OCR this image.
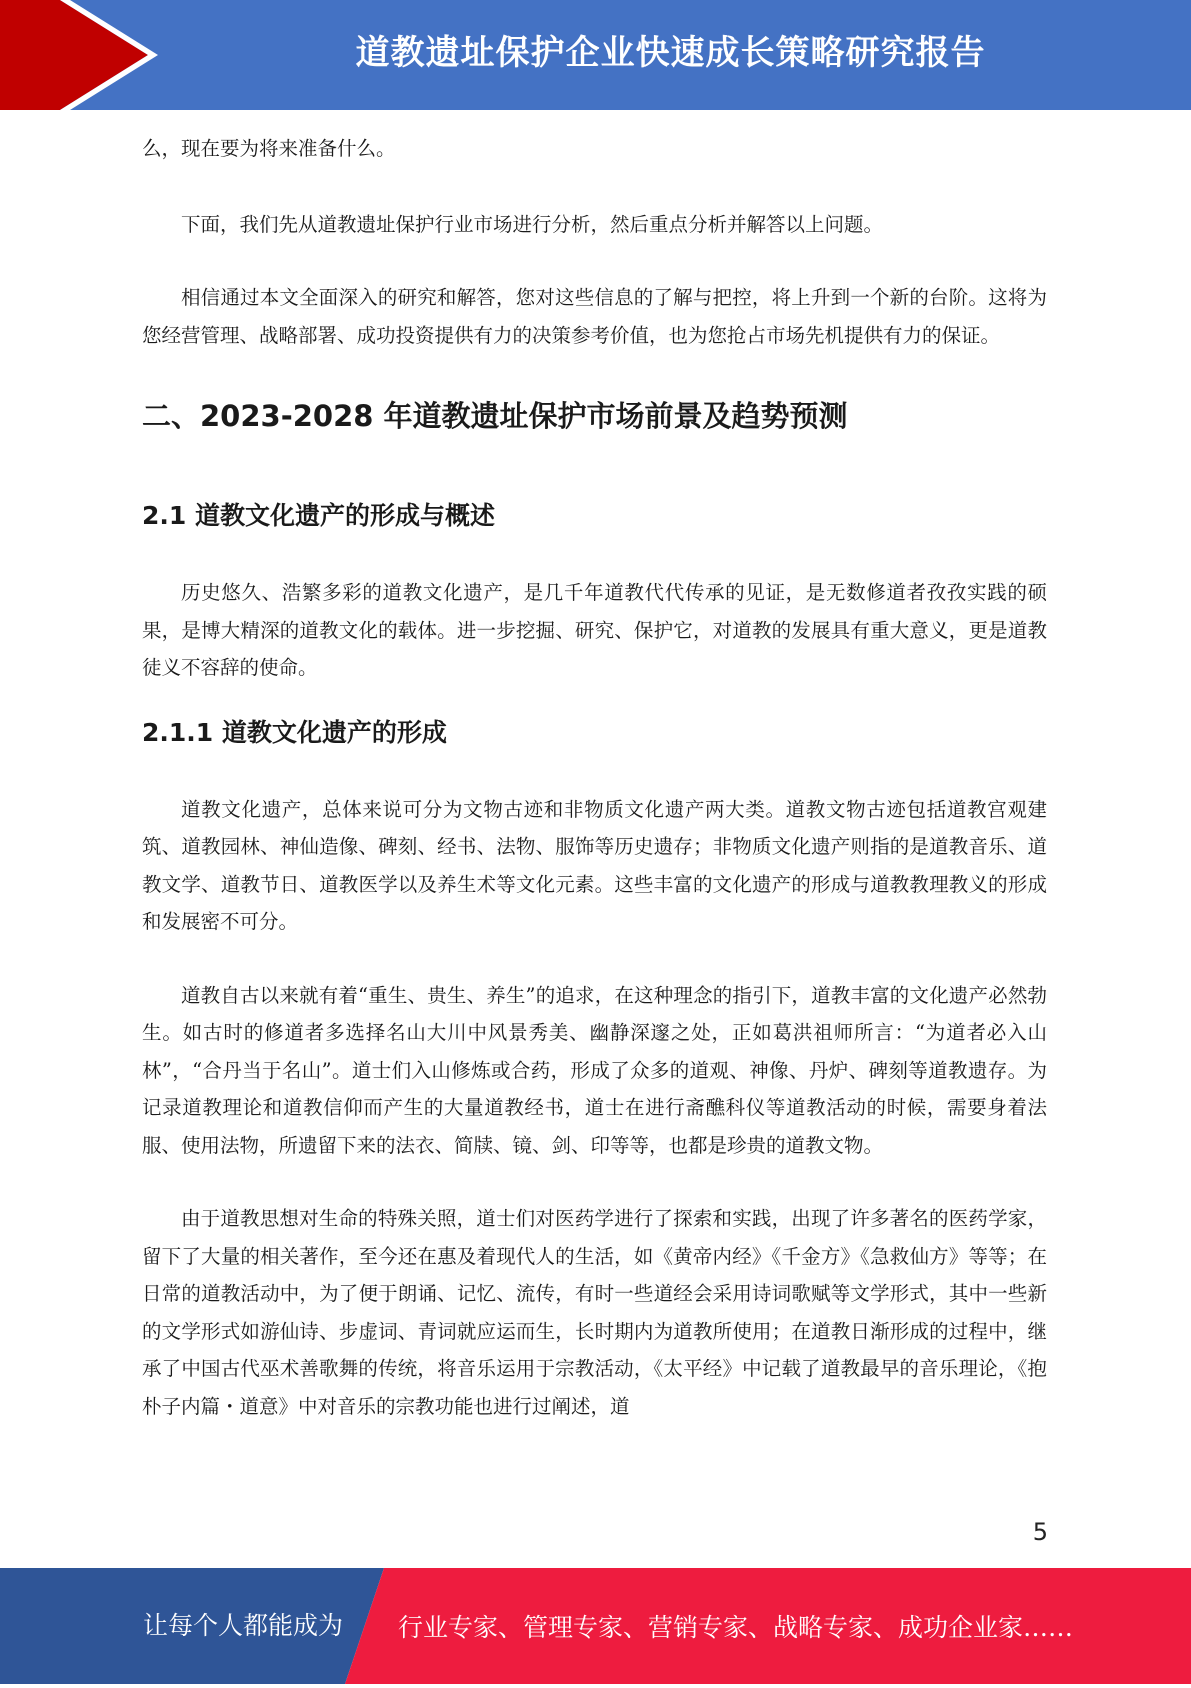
道教遗址保护企业快速成长策略研究报告

么，现在要为将来准备什么。

下面，我们先从道教遗址保护行业市场进行分析，然后重点分析并解答以上问题。

相信通过本文全面深入的研究和解答，您对这些信息的了解与把控，将上升到一个新的台阶。这将为您经营管理、战略部署、成功投资提供有力的决策参考价值，也为您抢占市场先机提供有力的保证。

二、2023-2028 年道教遗址保护市场前景及趋势预测
2.1 道教文化遗产的形成与概述

历史悠久、浩繁多彩的道教文化遗产，是几千年道教代代传承的见证，是无数修道者孜孜实践的硕果，是博大精深的道教文化的载体。进一步挖掘、研究、保护它，对道教的发展具有重大意义，更是道教徒义不容辞的使命。

2.1.1 道教文化遗产的形成

道教文化遗产，总体来说可分为文物古迹和非物质文化遗产两大类。道教文物古迹包括道教宫观建筑、道教园林、神仙造像、碑刻、经书、法物、服饰等历史遗存；非物质文化遗产则指的是道教音乐、道教文学、道教节日、道教医学以及养生术等文化元素。这些丰富的文化遗产的形成与道教教理教义的形成和发展密不可分。

道教自古以来就有着“重生、贵生、养生”的追求，在这种理念的指引下，道教丰富的文化遗产必然勃生。如古时的修道者多选择名山大川中风景秀美、幽静深邃之处，正如葛洪祖师所言：“为道者必入山林”，“合丹当于名山”。道士们入山修炼或合药，形成了众多的道观、神像、丹炉、碑刻等道教遗存。为记录道教理论和道教信仰而产生的大量道教经书，道士在进行斋醮科仪等道教活动的时候，需要身着法服、使用法物，所遗留下来的法衣、简牍、镜、剑、印等等，也都是珍贵的道教文物。

由于道教思想对生命的特殊关照，道士们对医药学进行了探索和实践，出现了许多著名的医药学家，留下了大量的相关著作，至今还在惠及着现代人的生活，如《黄帝内经》《千金方》《急救仙方》等等；在日常的道教活动中，为了便于朗诵、记忆、流传，有时一些道经会采用诗词歌赋等文学形式，其中一些新的文学形式如游仙诗、步虚词、青词就应运而生，长时期内为道教所使用；在道教日渐形成的过程中，继承了中国古代巫术善歌舞的传统，将音乐运用于宗教活动，《太平经》中记载了道教最早的音乐理论，《抱朴子内篇・道意》中对音乐的宗教功能也进行过阐述，道

5
让每个人都能成为 行业专家、管理专家、营销专家、战略专家、成功企业家……
